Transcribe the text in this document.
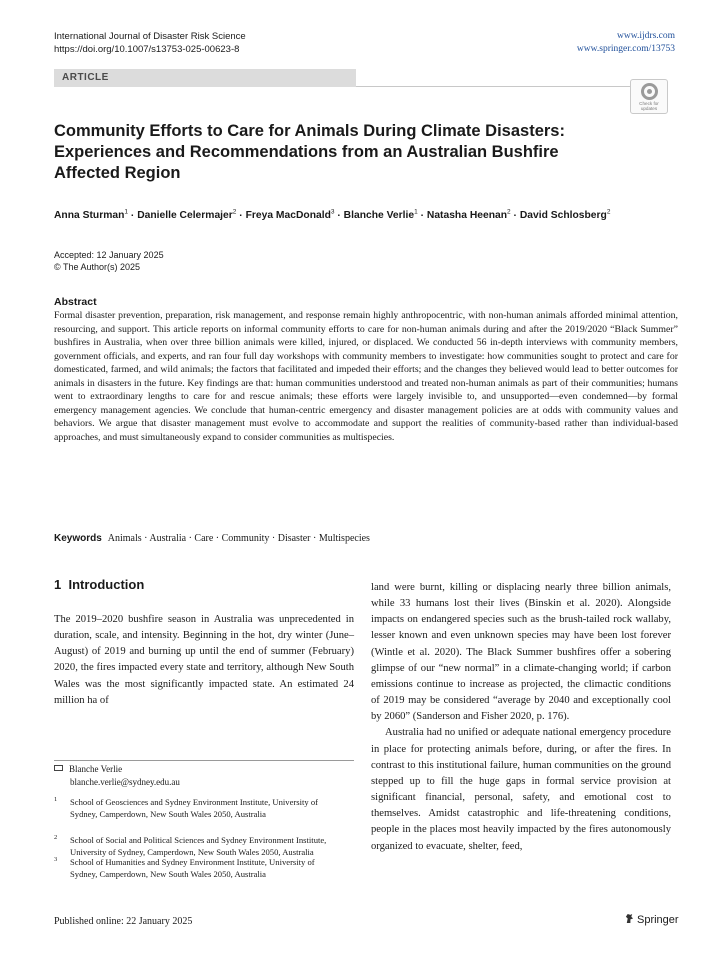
International Journal of Disaster Risk Science
https://doi.org/10.1007/s13753-025-00623-8
www.ijdrs.com
www.springer.com/13753
ARTICLE
Check for
updates
Community Efforts to Care for Animals During Climate Disasters: Experiences and Recommendations from an Australian Bushfire Affected Region
Anna Sturman$^1$ · Danielle Celermajer$^2$ · Freya MacDonald$^3$ · Blanche Verlie$^1$ · Natasha Heenan$^2$ · David Schlosberg$^2$
Accepted: 12 January 2025
© The Author(s) 2025
Abstract

Formal disaster prevention, preparation, risk management, and response remain highly anthropocentric, with non-human animals afforded minimal attention, resourcing, and support. This article reports on informal community efforts to care for non-human animals during and after the 2019/2020 “Black Summer” bushfires in Australia, when over three billion animals were killed, injured, or displaced. We conducted 56 in-depth interviews with community members, government officials, and experts, and ran four full day workshops with community members to investigate: how communities sought to protect and care for domesticated, farmed, and wild animals; the factors that facilitated and impeded their efforts; and the changes they believed would lead to better outcomes for animals in disasters in the future. Key findings are that: human communities understood and treated non-human animals as part of their communities; humans went to extraordinary lengths to care for and rescue animals; these efforts were largely invisible to, and unsupported—even condemned—by formal emergency management agencies. We conclude that human-centric emergency and disaster management policies are at odds with community values and behaviors. We argue that disaster management must evolve to accommodate and support the realities of community-based rather than individual-based approaches, and must simultaneously expand to consider communities as multispecies.

Keywords Animals · Australia · Care · Community · Disaster · Multispecies
1 Introduction

The 2019–2020 bushfire season in Australia was unprecedented in duration, scale, and intensity. Beginning in the hot, dry winter (June–August) of 2019 and burning up until the end of summer (February) 2020, the fires impacted every state and territory, although New South Wales was the most significantly impacted state. An estimated 24 million ha of

land were burnt, killing or displacing nearly three billion animals, while 33 humans lost their lives (Binskin et al. 2020). Alongside impacts on endangered species such as the brush-tailed rock wallaby, lesser known and even unknown species may have been lost forever (Wintle et al. 2020). The Black Summer bushfires offer a sobering glimpse of our “new normal” in a climate-changing world; if carbon emissions continue to increase as projected, the climactic conditions of 2019 may be considered “average by 2040 and exceptionally cool by 2060” (Sanderson and Fisher 2020, p. 176).

Australia had no unified or adequate national emergency procedure in place for protecting animals before, during, or after the fires. In contrast to this institutional failure, human communities on the ground stepped up to fill the huge gaps in formal service provision at significant financial, personal, safety, and emotional cost to themselves. Amidst catastrophic and life-threatening conditions, people in the places most heavily impacted by the fires autonomously organized to evacuate, shelter, feed,

Blanche Verlie
blanche.verlie@sydney.edu.au
1	School of Geosciences and Sydney Environment Institute, University of Sydney, Camperdown, New South Wales 2050, Australia
2	School of Social and Political Sciences and Sydney Environment Institute, University of Sydney, Camperdown, New South Wales 2050, Australia
3	School of Humanities and Sydney Environment Institute, University of Sydney, Camperdown, New South Wales 2050, Australia
Published online: 22 January 2025	Springer
